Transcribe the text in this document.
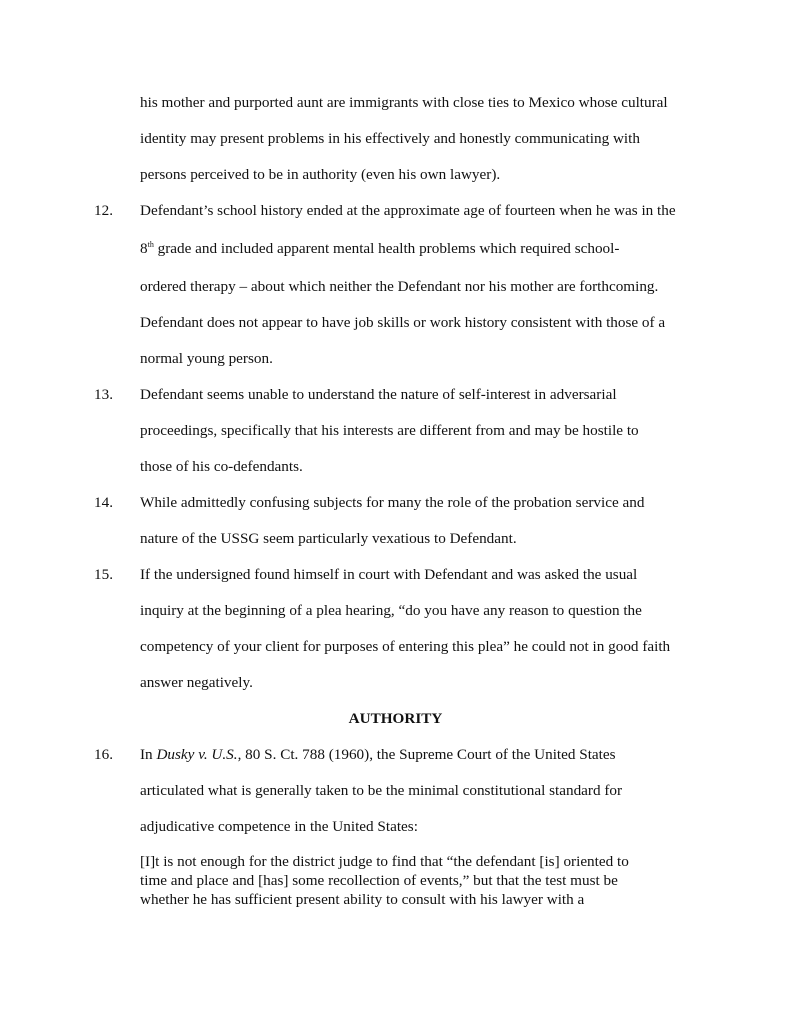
his mother and purported aunt are immigrants with close ties to Mexico whose cultural
identity may present problems in his effectively and honestly communicating with
persons perceived to be in authority (even his own lawyer).
12. Defendant’s school history ended at the approximate age of fourteen when he was in the
8th grade and included apparent mental health problems which required school-
ordered therapy – about which neither the Defendant nor his mother are forthcoming.
Defendant does not appear to have job skills or work history consistent with those of a
normal young person.
13. Defendant seems unable to understand the nature of self-interest in adversarial
proceedings, specifically that his interests are different from and may be hostile to
those of his co-defendants.
14. While admittedly confusing subjects for many the role of the probation service and
nature of the USSG seem particularly vexatious to Defendant.
15. If the undersigned found himself in court with Defendant and was asked the usual
inquiry at the beginning of a plea hearing, “do you have any reason to question the
competency of your client for purposes of entering this plea” he could not in good faith
answer negatively.
AUTHORITY
16. In Dusky v. U.S., 80 S. Ct. 788 (1960), the Supreme Court of the United States
articulated what is generally taken to be the minimal constitutional standard for
adjudicative competence in the United States:
[I]t is not enough for the district judge to find that “the defendant [is] oriented to
time and place and [has] some recollection of events,” but that the test must be
whether he has sufficient present ability to consult with his lawyer with a
